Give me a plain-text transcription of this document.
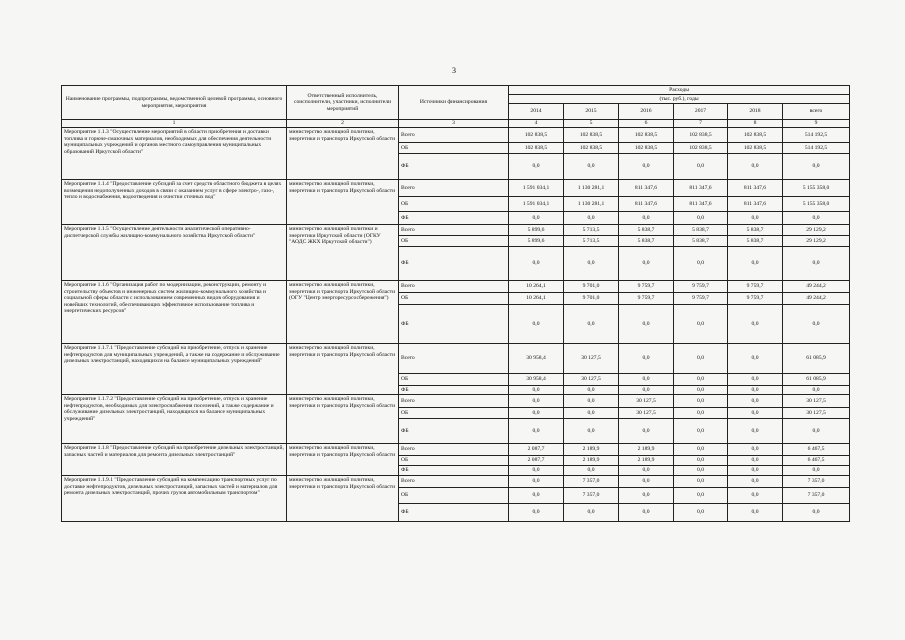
3
Наименование программы, подпрограммы, ведомственной целевой программы, основного мероприятия, мероприятия	Ответственный исполнитель, соисполнители, участники, исполнители мероприятий	Источники финансирования	Расходы					
			(тыс. руб.), годы					
			2014	2015	2016	2017	2018	всего
1	2	3	4	5	6	7	8	9
Мероприятие 1.1.3 "Осуществление мероприятий в области приобретения и доставки топлива и горюче-смазочных материалов, необходимых для обеспечения деятельности муниципальных учреждений и органов местного самоуправления муниципальных образований Иркутской области"	министерство жилищной политики, энергетики и транспорта Иркутской области	Всего	102 838,5	102 838,5	102 838,5	102 838,5	102 838,5	514 192,5
		ОБ	102 838,5	102 838,5	102 838,5	102 838,5	102 838,5	514 192,5
		ФБ	0,0	0,0	0,0	0,0	0,0	0,0
Мероприятие 1.1.4 "Предоставление субсидий за счет средств областного бюджета в целях возмещения недополученных доходов в связи с оказанием услуг в сфере электро-, газо-, тепло и водоснабжения, водоотведения и очистки сточных вод"	министерство жилищной политики, энергетики и транспорта Иркутской области	Всего	1 591 034,1	1 130 281,1	811 347,6	811 347,6	811 347,6	5 155 358,0
		ОБ	1 591 034,1	1 130 281,1	811 347,6	811 347,6	811 347,6	5 155 358,0
		ФБ	0,0	0,0	0,0	0,0	0,0	0,0
Мероприятие 1.1.5 "Осуществление деятельности аналитической оперативно-диспетчерской службы жилищно-коммунального хозяйства Иркутской области"	министерство жилищной политики и энергетики Иркутской области (ОГКУ "АОДС ЖКХ Иркутской области")	Всего	5 899,6	5 713,5	5 838,7	5 838,7	5 838,7	29 129,2
		ОБ	5 899,6	5 713,5	5 838,7	5 838,7	5 838,7	29 129,2
		ФБ	0,0	0,0	0,0	0,0	0,0	0,0
Мероприятие 1.1.6 "Организация работ по модернизации, реконструкции, ремонту и строительству объектов и инженерных систем жилищно-коммунального хозяйства и социальной сферы области с использованием современных видов оборудования и новейших технологий, обеспечивающих эффективное использование топлива и энергетических ресурсов"	министерство жилищной политики, энергетики и транспорта Иркутской области (ОГУ "Центр энергоресурсосбережения")	Всего	10 264,1	9 701,0	9 759,7	9 759,7	9 759,7	49 244,2
		ОБ	10 264,1	9 701,0	9 759,7	9 759,7	9 759,7	49 244,2
		ФБ	0,0	0,0	0,0	0,0	0,0	0,0
Мероприятие 1.1.7.1 "Предоставление субсидий на приобретение, отпуск и хранение нефтепродуктов для муниципальных учреждений, а также на содержание и обслуживание дизельных электростанций, находящихся на балансе муниципальных учреждений"	министерство жилищной политики, энергетики и транспорта Иркутской области	Всего	30 958,4	30 127,5	0,0	0,0	0,0	61 085,9
		ОБ	30 958,4	30 127,5	0,0	0,0	0,0	61 085,9
		ФБ	0,0	0,0	0,0	0,0	0,0	0,0
Мероприятие 1.1.7.2 "Предоставление субсидий на приобретение, отпуск и хранение нефтепродуктов, необходимых для электроснабжения поселений, а также содержание и обслуживание дизельных электростанций, находящихся на балансе муниципальных учреждений"	министерство жилищной политики, энергетики и транспорта Иркутской области	Всего	0,0	0,0	30 127,5	0,0	0,0	30 127,5
		ОБ	0,0	0,0	30 127,5	0,0	0,0	30 127,5
		ФБ	0,0	0,0	0,0	0,0	0,0	0,0
Мероприятие 1.1.8 "Предоставление субсидий на приобретение дизельных электростанций, запасных частей и материалов для ремонта дизельных электростанций"	министерство жилищной политики, энергетики и транспорта Иркутской области	Всего	2 087,7	2 189,9	2 189,9	0,0	0,0	6 467,5
		ОБ	2 087,7	2 189,9	2 189,9	0,0	0,0	6 467,5
		ФБ	0,0	0,0	0,0	0,0	0,0	0,0
Мероприятие 1.1.9.1 "Предоставление субсидий на компенсацию транспортных услуг по доставке нефтепродуктов, дизельных электростанций, запасных частей и материалов для ремонта дизельных электростанций, прочих грузов автомобильным транспортом"	министерство жилищной политики, энергетики и транспорта Иркутской области	Всего	0,0	7 357,0	0,0	0,0	0,0	7 357,0
		ОБ	0,0	7 357,0	0,0	0,0	0,0	7 357,0
		ФБ	0,0	0,0	0,0	0,0	0,0	0,0
